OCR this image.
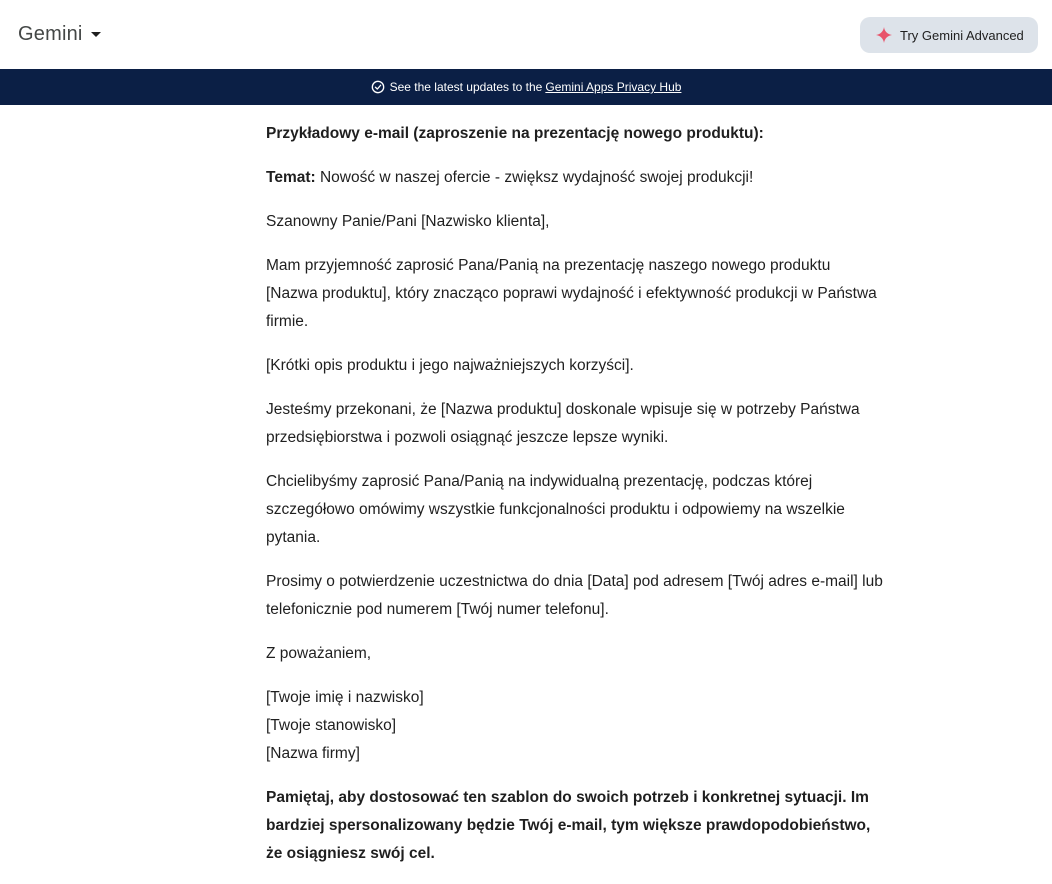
Gemini	Try Gemini Advanced
See the latest updates to the Gemini Apps Privacy Hub

Przykładowy e-mail (zaproszenie na prezentację nowego produktu):

Temat: Nowość w naszej ofercie - zwiększ wydajność swojej produkcji!

Szanowny Panie/Pani [Nazwisko klienta],

Mam przyjemność zaprosić Pana/Panią na prezentację naszego nowego produktu [Nazwa produktu], który znacząco poprawi wydajność i efektywność produkcji w Państwa firmie.

[Krótki opis produktu i jego najważniejszych korzyści].

Jesteśmy przekonani, że [Nazwa produktu] doskonale wpisuje się w potrzeby Państwa przedsiębiorstwa i pozwoli osiągnąć jeszcze lepsze wyniki.

Chcielibyśmy zaprosić Pana/Panią na indywidualną prezentację, podczas której szczegółowo omówimy wszystkie funkcjonalności produktu i odpowiemy na wszelkie pytania.

Prosimy o potwierdzenie uczestnictwa do dnia [Data] pod adresem [Twój adres e-mail] lub telefonicznie pod numerem [Twój numer telefonu].

Z poważaniem,

[Twoje imię i nazwisko]
[Twoje stanowisko]
[Nazwa firmy]

Pamiętaj, aby dostosować ten szablon do swoich potrzeb i konkretnej sytuacji. Im bardziej spersonalizowany będzie Twój e-mail, tym większe prawdopodobieństwo, że osiągniesz swój cel.
